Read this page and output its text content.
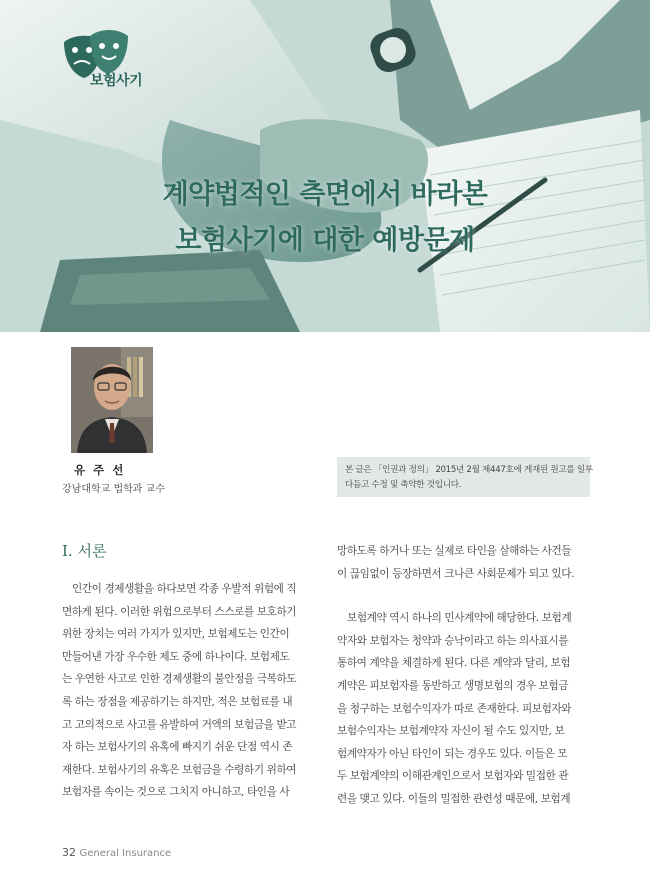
보험사기
계약법적인 측면에서 바라본
보험사기에 대한 예방문제
유 주 선
강남대학교 법학과 교수
본 글은 「인권과 정의」 2015년 2월 제447호에 게재된 원고를 일부
다듬고 수정 및 축약한 것입니다.
I. 서론
인간이 경제생활을 하다보면 각종 우발적 위험에 직
면하게 된다. 이러한 위험으로부터 스스로를 보호하기
위한 장치는 여러 가지가 있지만, 보험제도는 인간이
만들어낸 가장 우수한 제도 중에 하나이다. 보험제도
는 우연한 사고로 인한 경제생활의 불안정을 극복하도
록 하는 장점을 제공하기는 하지만, 적은 보험료를 내
고 고의적으로 사고를 유발하여 거액의 보험금을 받고
자 하는 보험사기의 유혹에 빠지기 쉬운 단점 역시 존
재한다. 보험사기의 유혹은 보험금을 수령하기 위하여
보험자를 속이는 것으로 그치지 아니하고, 타인을 사
망하도록 하거나 또는 실제로 타인을 살해하는 사건들
이 끊임없이 등장하면서 크나큰 사회문제가 되고 있다.
보험계약 역시 하나의 민사계약에 해당한다. 보험계
약자와 보험자는 청약과 승낙이라고 하는 의사표시를
통하여 계약을 체결하게 된다. 다른 계약과 달리, 보험
계약은 피보험자를 동반하고 생명보험의 경우 보험금
을 청구하는 보험수익자가 따로 존재한다. 피보험자와
보험수익자는 보험계약자 자신이 될 수도 있지만, 보
험계약자가 아닌 타인이 되는 경우도 있다. 이들은 모
두 보험계약의 이해관계인으로서 보험자와 밀접한 관
련을 맺고 있다. 이들의 밀접한 관련성 때문에, 보험계
32 General Insurance
